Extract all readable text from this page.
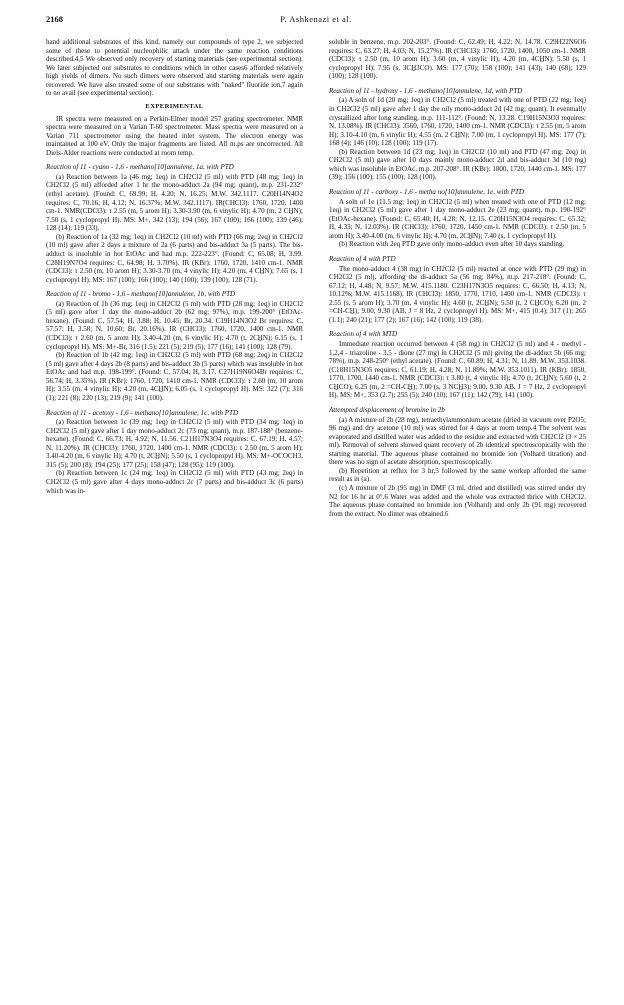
2168	P. Ashkenazi et al.

hand additional substrates of this kind, namely our compounds of type 2, we subjected some of these to potential nucleophilic attack under the same reaction conditions described.4,5 We observed only recovery of starting materials (see experimental section). We later subjected our substrates to conditions which in other cases6 afforded relatively high yields of dimers. No such dimers were observed and starting materials were again recovered. We have also treated some of our substrates with "naked" fluoride ion,7 again to no avail (see experimental section).

EXPERIMENTAL

IR spectra were measured on a Perkin-Elmer model 257 grating spectrometer. NMR spectra were measured on a Varian T-60 spectrometer. Mass spectra were measured on a Varian 711 spectrometer using the heated inlet system. The electron energy was maintained at 100 eV. Only the major fragments are listed. All m.ps are uncorrected. All Diels-Alder reactions were conducted at room temp.

Reaction of 11 - cyano - 1,6 - methano[10]annulene, 1a, with PTD

(a) Reaction between 1a (46 mg; 1eq) in CH2Cl2 (5 ml) with PTD (48 mg; 1eq) in CH2Cl2 (5 ml) afforded after 1 hr the mono-adduct 2a (94 mg; quant), m.p. 231-232° (ethyl acetate). (Found: C, 69.99; H, 4.20; N, 16.25; M.W. 342.1117. C20H14N4O2 requires: C, 70.16; H, 4.12; N, 16.37%; M.W. 342.1117). IR(CHCl3): 1760, 1720, 1400 cm-1. NMR(CDCl3): τ 2.55 (m, 5 arom H); 3.30-3.90 (m, 6 vinylic H); 4.70 (m, 2 CH̲N); 7.50 (s, 1 cyclopropyl H). MS: M+, 342 (13); 194 (56); 167 (100); 166 (100); 139 (46); 128 (14); 119 (33).

(b) Reaction of 1a (32 mg; 1eq) in CH2Cl2 (10 ml) with PTD (66 mg; 2eq) in CH2Cl2 (10 ml) gave after 2 days a mixture of 2a (6 parts) and bis-adduct 3a (5 parts). The bis-adduct is insoluble in hot EtOAc and had m.p. 222-223°. (Found: C, 65.08; H, 3.99. C28H19N7O4 requires: C, 64.98; H, 3.70%). IR (KBr): 1760, 1720, 1410 cm-1. NMR (CDCl3): τ 2.50 (m, 10 arom H); 3.30-3.70 (m, 4 vinylic H); 4.20 (m, 4 CH̲N); 7.65 (s, 1 cyclopropyl H). MS: 167 (100); 166 (100); 140 (100); 139 (100); 128 (71).

Reaction of 11 - bromo - 1,6 - methano[10]annulene, 1b, with PTD

(a) Reaction of 1b (36 mg; 1eq) in CH2Cl2 (5 ml) with PTD (28 mg; 1eq) in CH2Cl2 (5 ml) gave after 1 day the mono-adduct 2b (62 mg; 97%), m.p. 199-200° (EtOAc-hexane). (Found: C, 57.54; H, 3.88; H, 10.45; Br, 20.34. C19H14N3O2 Br requires: C, 57.57; H, 3.58; N, 10.60; Br, 20.16%). IR (CHCl3): 1760, 1720, 1400 cm-1. NMR (CDCl3): τ 2.60 (m, 5 arom H); 3.40-4.20 (m, 6 vinylic H); 4.70 (t, 2CH̲N); 6.15 (s, 1 cyclopropyl H). MS: M+-Br, 316 (1.5); 221 (5); 219 (5); 177 (16); 141 (100); 128 (79).

(b) Reaction of 1b (42 mg; 1eq) in CH2Cl2 (5 ml) with PTD (68 mg; 2eq) in CH2Cl2 (5 ml) gave after 4 days 2b (8 parts) and bis-adduct 3b (5 parts) which was insoluble in hot EtOAc and had m.p. 198-199°. (Found: C, 57.04; H, 3.17. C27H19N6O4Br requires: C, 56.74; H, 3.35%). IR (KBr): 1760, 1720, 1410 cm-1. NMR (CDCl3): τ 2.60 (m, 10 arom H); 3.55 (m, 4 vinylic H); 4.20 (m, 4CH̲N); 6.05 (s, 1 cyclopropyl H). MS: 322 (7); 316 (1); 221 (8); 220 (13); 219 (9); 141 (100).

Reaction of 11 - acetoxy - 1,6 - methano[10]annulene, 1c, with PTD

(a) Reaction between 1c (39 mg; 1eq) in CH2Cl2 (5 ml) with PTD (34 mg; 1eq) in CH2Cl2 (5 ml) gave after 1 day mono-adduct 2c (73 mg; quant), m.p. 187-188° (benzene-hexane). (Found: C, 66.73; H, 4.92; N, 11.56. C21H17N3O4 requires: C, 67.19; H, 4.57; N, 11.20%). IR (CHCl3): 1760, 1720, 1400 cm-1. NMR (CDCl3): τ 2.50 (m, 5 arom H); 3.40-4.20 (m, 6 vinylic H); 4.70 (t, 2CH̲N); 5.50 (s, 1 cyclopropyl H). MS: M+-OCOCH3, 315 (5); 200 (8); 194 (25); 177 (25); 158 (47); 128 (95); 119 (100).

(b) Reaction between 1c (24 mg; 1eq) in CH2Cl2 (5 ml) with PTD (43 mg; 2eq) in CH2Cl2 (5 ml) gave after 4 days mono-adduct 2c (7 parts) and bis-adduct 3c (6 parts) which was in-

soluble in benzene, m.p. 202-203°. (Found: C, 62.49; H, 4.22; N, 14.78. C29H22N6O6 requires: C, 63.27; H, 4.03; N, 15.27%). IR (CHCl3): 1760, 1720, 1400, 1050 cm-1. NMR (CDCl3): τ 2.50 (m, 10 arom H); 3.60 (m, 4 vinylic H); 4.20 (m, 4CH̲N); 5.50 (s, 1 cyclopropyl H); 7.95 (s, 3CH̲3CO). MS: 177 (70); 158 (100); 141 (43); 140 (68); 129 (100); 128 (100).

Reaction of 11 - hydroxy - 1,6 - methano[10]annulene, 1d, with PTD

(a) A soln of 1d (20 mg; 1eq) in CH2Cl2 (5 ml) treated with one of PTD (22 mg; 1eq) in CH2Cl2 (5 ml) gave after 1 day the oily mono-adduct 2d (42 mg; quant). It eventually crystallized after long standing, m.p. 111-112°. (Found: N, 13.28. C19H15N3O3 requires: N, 13.08%). IR (CHCl3): 3560, 1760, 1720, 1400 cm-1. NMR (CDCl3): τ 2.55 (m, 5 arom H); 3.10-4.10 (m, 6 vinylic H); 4.55 (m, 2 CH̲N); 7.00 (m, 1 cyclopropyl H). MS: 177 (7); 168 (4); 146 (10); 128 (100); 119 (17).

(b) Reaction between 1d (23 mg; 1eq) in CH2Cl2 (10 ml) and PTD (47 mg; 2eq) in CH2Cl2 (5 ml) gave after 10 days mainly mono-adduct 2d and bis-adduct 3d (10 mg) which was insoluble in EtOAc, m.p. 207-208°. IR (KBr): 1800, 1720, 1440 cm-1. MS: 177 (39); 156 (100); 155 (100); 128 (100).

Reaction of 11 - carboxy - 1,6 - metha no[10]annulene, 1e, with PTD

A soln of 1e (11.5 mg; 1eq) in CH2Cl2 (5 ml) when treated with one of PTD (12 mg; 1eq) in CH2Cl2 (5 ml) gave after 1 day mono-adduct 2e (23 mg; quant), m.p. 190-192° (EtOAc-hexane). (Found: C, 65.40; H, 4.28; N, 12.15. C20H15N3O4 requires: C, 65.32; H, 4.33; N, 12.03%). IR (CHCl3): 1760, 1720, 1450 cm-1. NMR (CDCl3): τ 2.50 (m, 5 arom H); 3.40-4.00 (m, 6 vinylic H); 4.70 (m, 2CH̲N); 7.40 (s, 1 cyclopropyl H).

(b) Reaction with 2eq PTD gave only mono-adduct even after 10 days standing.

Reaction of 4 with PTD

The mono-adduct 4 (38 mg) in CH2Cl2 (5 ml) reacted at once with PTD (29 mg) in CH2Cl2 (5 ml), affording the di-adduct 5a (56 mg; 84%), m.p. 217-218°. (Found: C, 67.12; H, 4.48; N, 9.57; M.W. 415.1180. C23H17N3O5 requires: C, 66.50; H, 4.13; N, 10.12%; M.W. 415.1168). IR (CHCl3): 1850, 1770, 1710, 1400 cm-1. NMR (CDCl3): τ 2.55 (s, 5 arom H); 3.70 (m, 4 vinylic H); 4.60 (t, 2CH̲N); 5.50 (t, 2 CH̲CO); 6.20 (m, 2 =CH-CH̲); 9.00, 9.30 (AB, J = 8 Hz, 2 cyclopropyl H). MS: M+, 415 (0.4); 317 (1); 265 (1.1); 240 (21); 177 (2); 167 (16); 142 (100); 119 (38).

Reaction of 4 with MTD

Immediate reaction occurred between 4 (58 mg) in CH2Cl2 (5 ml) and 4 - methyl - 1,2,4 - triazoline - 3,5 - dione (27 mg) in CH2Cl2 (5 ml) giving the di-adduct 5b (66 mg; 78%), m.p. 248-250° (ethyl acetate). (Found: C, 60.89; H, 4.31; N, 11.89. M.W. 353.1038. (C18H15N3O5 requires: C, 61.19; H, 4.28; N, 11.89%; M.W. 353.1011). IR (KBr): 1850, 1770, 1700, 1440 cm-1. NMR (CDCl3): τ 3.80 (t, 4 vinylic H); 4.70 (t, 2CH̲N); 5.60 (t, 2 CH̲CO); 6.25 (m, 2 =CH-CH̲); 7.00 (s, 3 NCH̲3); 9.00, 9.30 AB, J = 7 Hz, 2 cyclopropyl H). MS: M+, 353 (2.7); 255 (5); 240 (10); 167 (11); 142 (79); 141 (100).

Attempted displacement of bromine in 2b

(a) A mixture of 2b (28 mg), tetraethylammonium acetate (dried in vacuum over P2O5; 96 mg) and dry acetone (10 ml) was stirred for 4 days at room temp.4 The solvent was evaporated and distilled water was added to the residue and extracted with CH2Cl2 (3 × 25 ml). Removal of solvent showed quant recovery of 2b identical spectroscopically with the starting material. The aqueous phase contained no bromide ion (Volhard titration) and there was no sign of acetate absorption, spectroscopically.

(b) Repetition at reflux for 3 hr,5 followed by the same workup afforded the same result as in (a).

(c) A mixture of 2b (95 mg) in DMF (3 ml, dried and distilled) was stirred under dry N2 for 16 hr at 0°.6 Water was added and the whole was extracted thrice with CH2Cl2. The aqueous phase contained no bromide ion (Volhard) and only 2b (91 mg) recovered from the extract. No dimer was obtained.6
